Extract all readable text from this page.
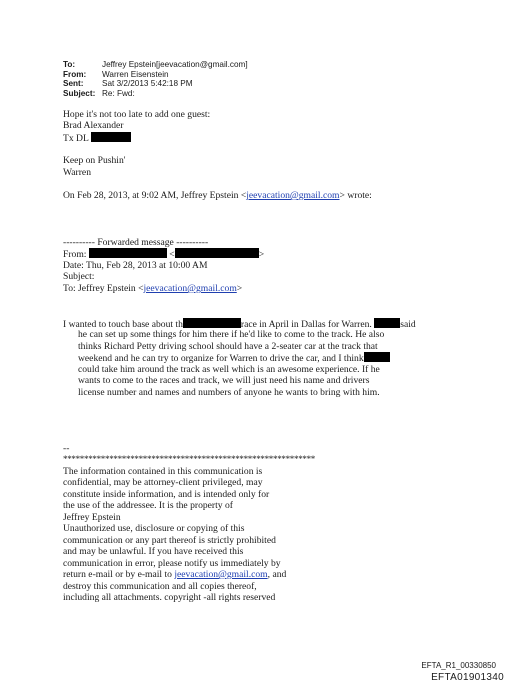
To:	Jeffrey Epstein[jeevacation@gmail.com]
From: Warren Eisenstein
Sent: Sat 3/2/2013 5:42:18 PM
Subject: Re: Fwd:
Hope it's not too late to add one guest:
Brad Alexander
Tx DL
Keep on Pushin'
Warren
On Feb 28, 2013, at 9:02 AM, Jeffrey Epstein <jeevacation@gmail.com> wrote:
---------- Forwarded message ----------
From:	<	>
Date: Thu, Feb 28, 2013 at 10:00 AM
Subject:
To: Jeffrey Epstein <jeevacation@gmail.com>
I wanted to touch base about th	race in April in Dallas for Warren.	said
he can set up some things for him there if he'd like to come to the track. He also
thinks Richard Petty driving school should have a 2-seater car at the track that
weekend and he can try to organize for Warren to drive the car, and I think
could take him around the track as well which is an awesome experience. If he
wants to come to the races and track, we will just need his name and drivers
license number and names and numbers of anyone he wants to bring with him.
--
************************************************************
The information contained in this communication is
confidential, may be attorney-client privileged, may
constitute inside information, and is intended only for
the use of the addressee. It is the property of
Jeffrey Epstein
Unauthorized use, disclosure or copying of this
communication or any part thereof is strictly prohibited
and may be unlawful. If you have received this
communication in error, please notify us immediately by
return e-mail or by e-mail to jeevacation@gmail.com, and
destroy this communication and all copies thereof,
including all attachments. copyright -all rights reserved
EFTA_R1_00330850
EFTA01901340
